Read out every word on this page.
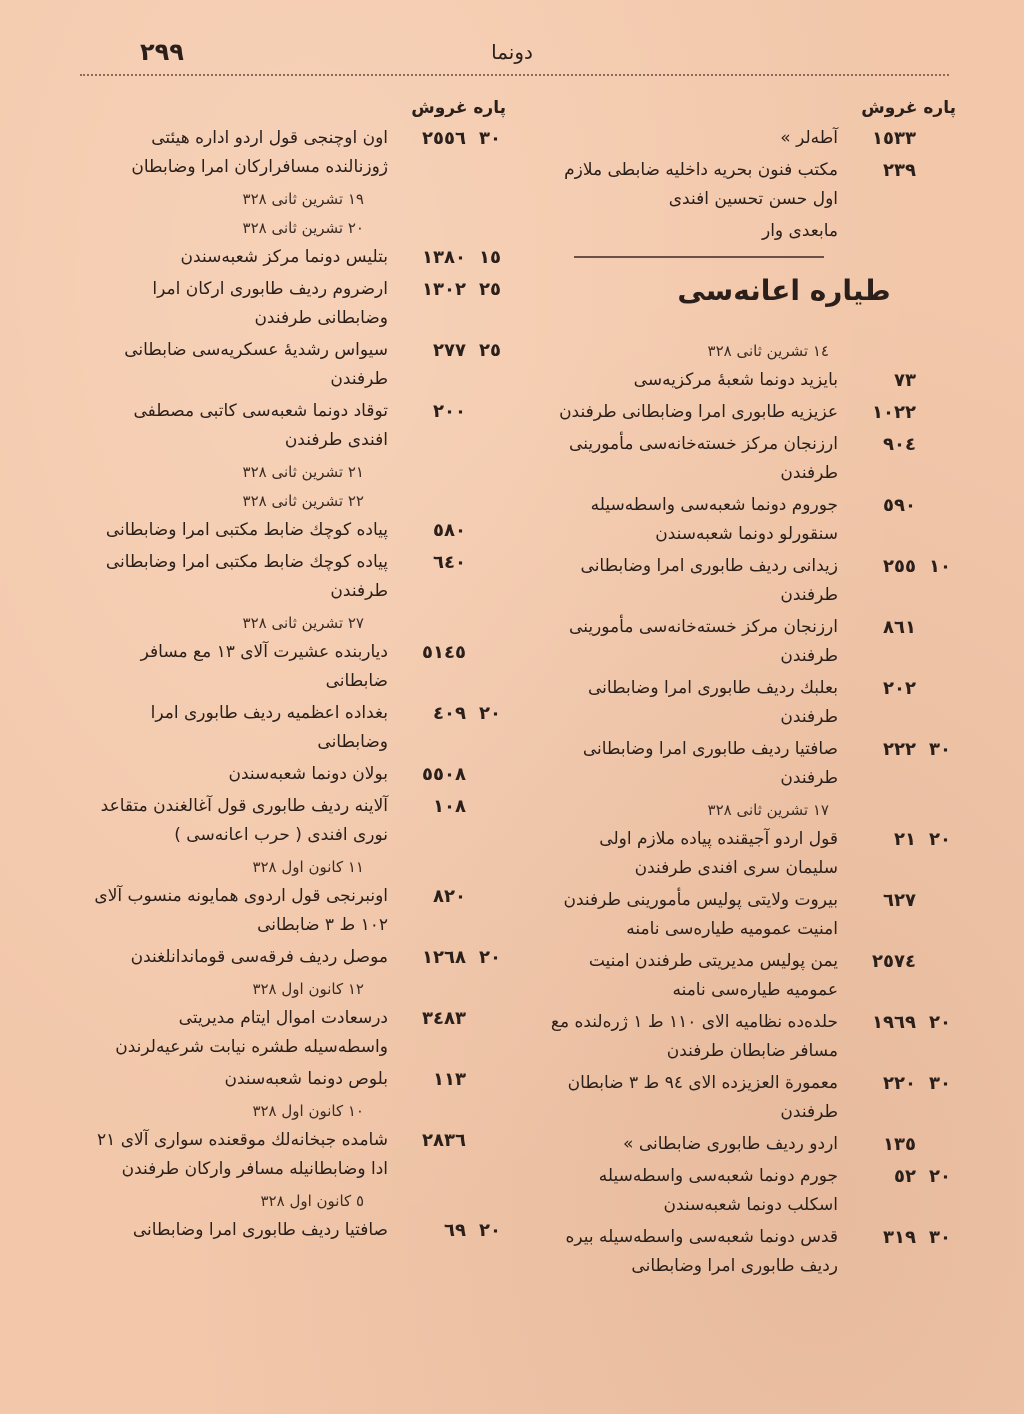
٢٩٩	دونما
پاره غروش
١٥٣٣
آطه‌لر »
٢٣٩
مکتب فنون بحریه داخلیه ضابطی ملازم اول حسن تحسین افندی
مابعدی وار
طیاره اعانه‌سی
١٤ تشرین ثانی ٣٢٨
٧٣
بایزید دونما شعبهٔ مرکزیه‌سی
١٠٢٢
عزیزیه طابوری امرا وضابطانی طرفندن
٩٠٤
ارزنجان مرکز خسته‌خانه‌سی مأمورینی طرفندن
٥٩٠
جوروم دونما شعبه‌سی واسطه‌سیله سنقورلو دونما شعبه‌سندن
١٠
٢٥٥
زیدانی ردیف طابوری امرا وضابطانی طرفندن
٨٦١
ارزنجان مرکز خسته‌خانه‌سی مأمورینی طرفندن
٢٠٢
بعلبك ردیف طابوری امرا وضابطانی طرفندن
٣٠
٢٢٢
صافتیا ردیف طابوری امرا وضابطانی طرفندن
١٧ تشرین ثانی ٣٢٨
٢٠
٢١
قول اردو آجیقنده پیاده ملازم اولی سلیمان سری افندی طرفندن
٦٢٧
بیروت ولایتی پولیس مأمورینی طرفندن امنیت عمومیه طیاره‌سی نامنه
٢٥٧٤
یمن پولیس مدیریتی طرفندن امنیت عمومیه طیاره‌سی نامنه
٢٠
١٩٦٩
حلده‌ده نظامیه الای ١١٠ ط ١ ژره‌لنده مع مسافر ضابطان طرفندن
٣٠
٢٢٠
معمورة العزیزده الای ٩٤ ط ٣ ضابطان طرفندن
١٣٥
اردو ردیف طابوری ضابطانی »
٢٠
٥٢
جورم دونما شعبه‌سی واسطه‌سیله اسکلب دونما شعبه‌سندن
٣٠
٣١٩
قدس دونما شعبه‌سی واسطه‌سیله بیره ردیف طابوری امرا وضابطانی
پاره غروش
٣٠
٢٥٥٦
اون اوچنجی قول اردو اداره هیئتی ژوزنالنده مسافرارکان امرا وضابطان
١٩ تشرین ثانی ٣٢٨
٢٠ تشرین ثانی ٣٢٨
١٥
١٣٨٠
بتلیس دونما مرکز شعبه‌سندن
٢٥
١٣٠٢
ارضروم ردیف طابوری ارکان امرا وضابطانی طرفندن
٢٥
٢٧٧
سیواس رشدیهٔ عسکریه‌سی ضابطانی طرفندن
٢٠٠
توقاد دونما شعبه‌سی کاتبی مصطفی افندی طرفندن
٢١ تشرین ثانی ٣٢٨
٢٢ تشرین ثانی ٣٢٨
٥٨٠
پیاده کوچك ضابط مکتبی امرا وضابطانی
٦٤٠
پیاده کوچك ضابط مکتبی امرا وضابطانی طرفندن
٢٧ تشرین ثانی ٣٢٨
٥١٤٥
دیاربنده عشیرت آلای ١٣ مع مسافر ضابطانی
٢٠
٤٠٩
بغداده اعظمیه ردیف طابوری امرا وضابطانی
٥٥٠٨
بولان دونما شعبه‌سندن
١٠٨
آلاینه ردیف طابوری قول آغالغندن متقاعد نوری افندی ( حرب اعانه‌سی )
١١ کانون اول ٣٢٨
٨٢٠
اونبرنجی قول اردوی همایونه منسوب آلای ١٠٢ ط ٣ ضابطانی
٢٠
١٢٦٨
موصل ردیف فرقه‌سی قوماندانلغندن
١٢ کانون اول ٣٢٨
٣٤٨٣
درسعادت اموال ایتام مدیریتی واسطه‌سیله طشره نیابت شرعیه‌لرندن
١١٣
بلوص دونما شعبه‌سندن
١٠ کانون اول ٣٢٨
٢٨٣٦
شامده جبخانه‌لك موقعنده سواری آلای ٢١ ادا وضابطانیله مسافر وارکان طرفندن
٥ کانون اول ٣٢٨
٢٠
٦٩
صافتیا ردیف طابوری امرا وضابطانی
